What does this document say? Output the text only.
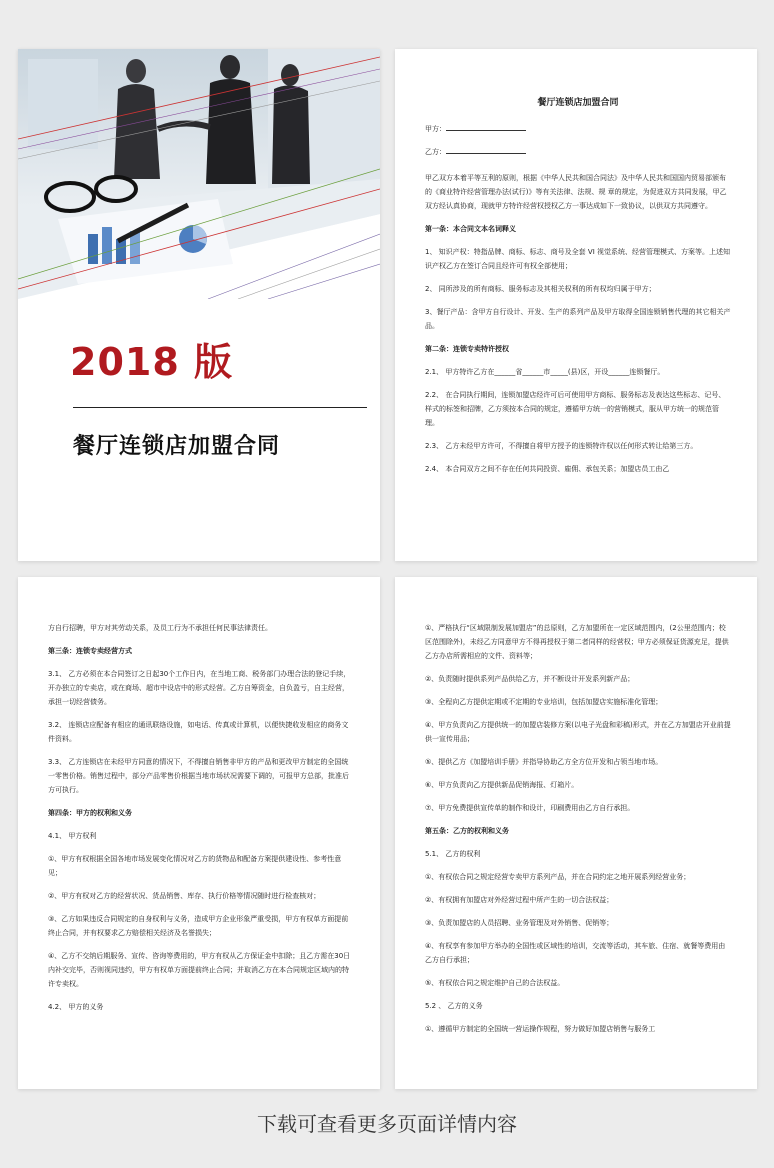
2018 版
餐厅连锁店加盟合同
餐厅连锁店加盟合同

甲方：

乙方：

甲乙双方本着平等互利的原则，根据《中华人民共和国合同法》及中华人民共和国国内贸易部颁布的《商业特许经营管理办法(试行)》等有关法律、法规、规 章的规定，为促进双方共同发展，甲乙双方经认真协商，现就甲方特许经营权授权乙方一事达成如下一致协议，以供双方共同遵守。

第一条：本合同文本名词释义

1、 知识产权：特指品牌、商标、标志、商号及全套 VI 视觉系统、经营管理模式、方案等。上述知识产权乙方在签订合同且经许可有权全部使用；

2、 同所涉及的所有商标、服务标志及其相关权利的所有权均归属于甲方；

3、餐厅产品：含甲方自行设计、开发、生产的系列产品及甲方取得全国连锁销售代理的其它相关产品。

第二条：连锁专卖特许授权

2.1、 甲方特许乙方在______省______市_____(县)区，开设______连锁餐厅。

2.2、 在合同执行期间，连锁加盟店经许可后可使用甲方商标、服务标志及表达这些标志、记号、样式的标签和招牌，乙方须按本合同的规定，遵循甲方统一的营销模式，服从甲方统一的规范管理。

2.3、 乙方未经甲方许可，不得擅自将甲方授予的连锁特许权以任何形式转让给第三方。

2.4、 本合同双方之间不存在任何共同投资、雇佣、承包关系；加盟店员工由乙

方自行招聘，甲方对其劳动关系，及员工行为不承担任何民事法律责任。

第三条：连锁专卖经营方式

3.1、 乙方必须在本合同签订之日起30个工作日内，在当地工商、税务部门办理合法的登记手续，开办独立的专卖店，或在商场、超市中设店中的形式经营。乙方自筹资金，自负盈亏，自主经营，承担一切经营债务。

3.2、 连锁店应配备有相应的通讯联络设施，如电话、传真或计算机，以便快捷收发相应的商务文件资料。

3.3、 乙方连锁店在未经甲方同意的情况下，不得擅自销售非甲方的产品和更改甲方制定的全国统一零售价格。销售过程中，部分产品零售价根据当地市场状况需要下调的，可报甲方总部，批准后方可执行。

第四条：甲方的权利和义务

4.1、 甲方权利

①、甲方有权根据全国各地市场发展变化情况对乙方的货物品和配备方案提供建设性、参考性意见；

②、甲方有权对乙方的经营状况、货品销售、库存、执行价格等情况随时进行检查核对；

③、乙方如果违反合同规定的自身权利与义务，造成甲方企业形象严重受损，甲方有权单方面提前终止合同，并有权要求乙方赔偿相关经济及名誉损失；

④、乙方不交纳后期服务、宣传、咨询等费用的，甲方有权从乙方保证金中扣除；且乙方需在30日内补交完毕，否则视同违约，甲方有权单方面提前终止合同；并取消乙方在本合同规定区域内的特许专卖权。

4.2、 甲方的义务

①、严格执行“区域限制发展加盟店”的总原则，乙方加盟所在一定区域范围内，(2公里范围内；校区范围除外)，未经乙方同意甲方不得再授权于第二者同样的经营权；甲方必须保证货源充足，提供乙方办店所需相应的文件、资料等；

②、负责随时提供系列产品供给乙方，并不断设计开发系列新产品；

③、全程向乙方提供定期或不定期的专业培训，包括加盟店实施标准化管理；

④、甲方负责向乙方提供统一的加盟店装修方案(以电子光盘和彩稿)形式，并在乙方加盟店开业前提供一宣传用品；

⑤、提供乙方《加盟培训手册》并指导协助乙方全方位开发和占领当地市场。

⑥、甲方负责向乙方提供新品促销海报、灯箱片。

⑦、甲方免费提供宣传单的制作和设计，印刷费用由乙方自行承担。

第五条：乙方的权利和义务

5.1、 乙方的权利

①、有权依合同之规定经营专卖甲方系列产品，并在合同约定之地开展系列经营业务；

②、有权拥有加盟店对外经营过程中所产生的一切合法权益；

③、负责加盟店的人员招聘、业务管理及对外销售、促销等；

④、有权享有参加甲方举办的全国性或区域性的培训，交流等活动，其车旅、住宿、就餐等费用由乙方自行承担；

⑤、有权依合同之规定维护自己的合法权益。

5.2 、 乙方的义务

①、遵循甲方制定的全国统一营运操作规程，努力做好加盟店销售与服务工

下载可查看更多页面详情内容
